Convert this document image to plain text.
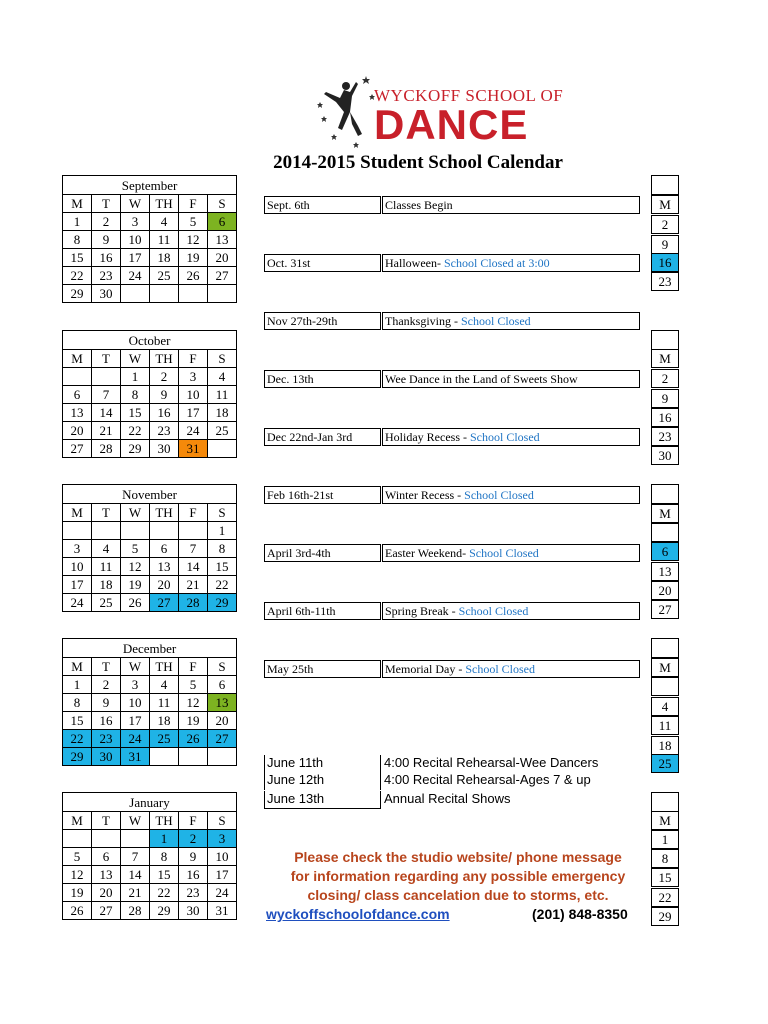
WYCKOFF SCHOOL OF
DANCE
2014-2015 Student School Calendar
September					
M	T	W	TH	F	S
1	2	3	4	5	6
8	9	10	11	12	13
15	16	17	18	19	20
22	23	24	25	26	27
29	30				
October					
M	T	W	TH	F	S
		1	2	3	4
6	7	8	9	10	11
13	14	15	16	17	18
20	21	22	23	24	25
27	28	29	30	31	
November					
M	T	W	TH	F	S
					1
3	4	5	6	7	8
10	11	12	13	14	15
17	18	19	20	21	22
24	25	26	27	28	29
December					
M	T	W	TH	F	S
1	2	3	4	5	6
8	9	10	11	12	13
15	16	17	18	19	20
22	23	24	25	26	27
29	30	31			
January					
M	T	W	TH	F	S
			1	2	3
5	6	7	8	9	10
12	13	14	15	16	17
19	20	21	22	23	24
26	27	28	29	30	31
Sept. 6th	Classes Begin
Oct. 31st	Halloween- School Closed at 3:00
Nov 27th-29th	Thanksgiving - School Closed
Dec. 13th	Wee Dance in the Land of Sweets Show
Dec 22nd-Jan 3rd	Holiday Recess - School Closed
Feb 16th-21st	Winter Recess - School Closed
April 3rd-4th	Easter Weekend- School Closed
April 6th-11th	Spring Break - School Closed
May 25th	Memorial Day - School Closed
June 11th	4:00 Recital Rehearsal-Wee Dancers
June 12th	4:00 Recital Rehearsal-Ages 7 & up
June 13th	Annual Recital Shows
Please check the studio website/ phone message
for information regarding any possible emergency
closing/ class cancelation due to storms, etc.
wyckoffschoolofdance.com	(201) 848-8350
M
2
9
16
23
M
2
9
16
23
30
M
6
13
20
27
M
4
11
18
25
M
1
8
15
22
29
